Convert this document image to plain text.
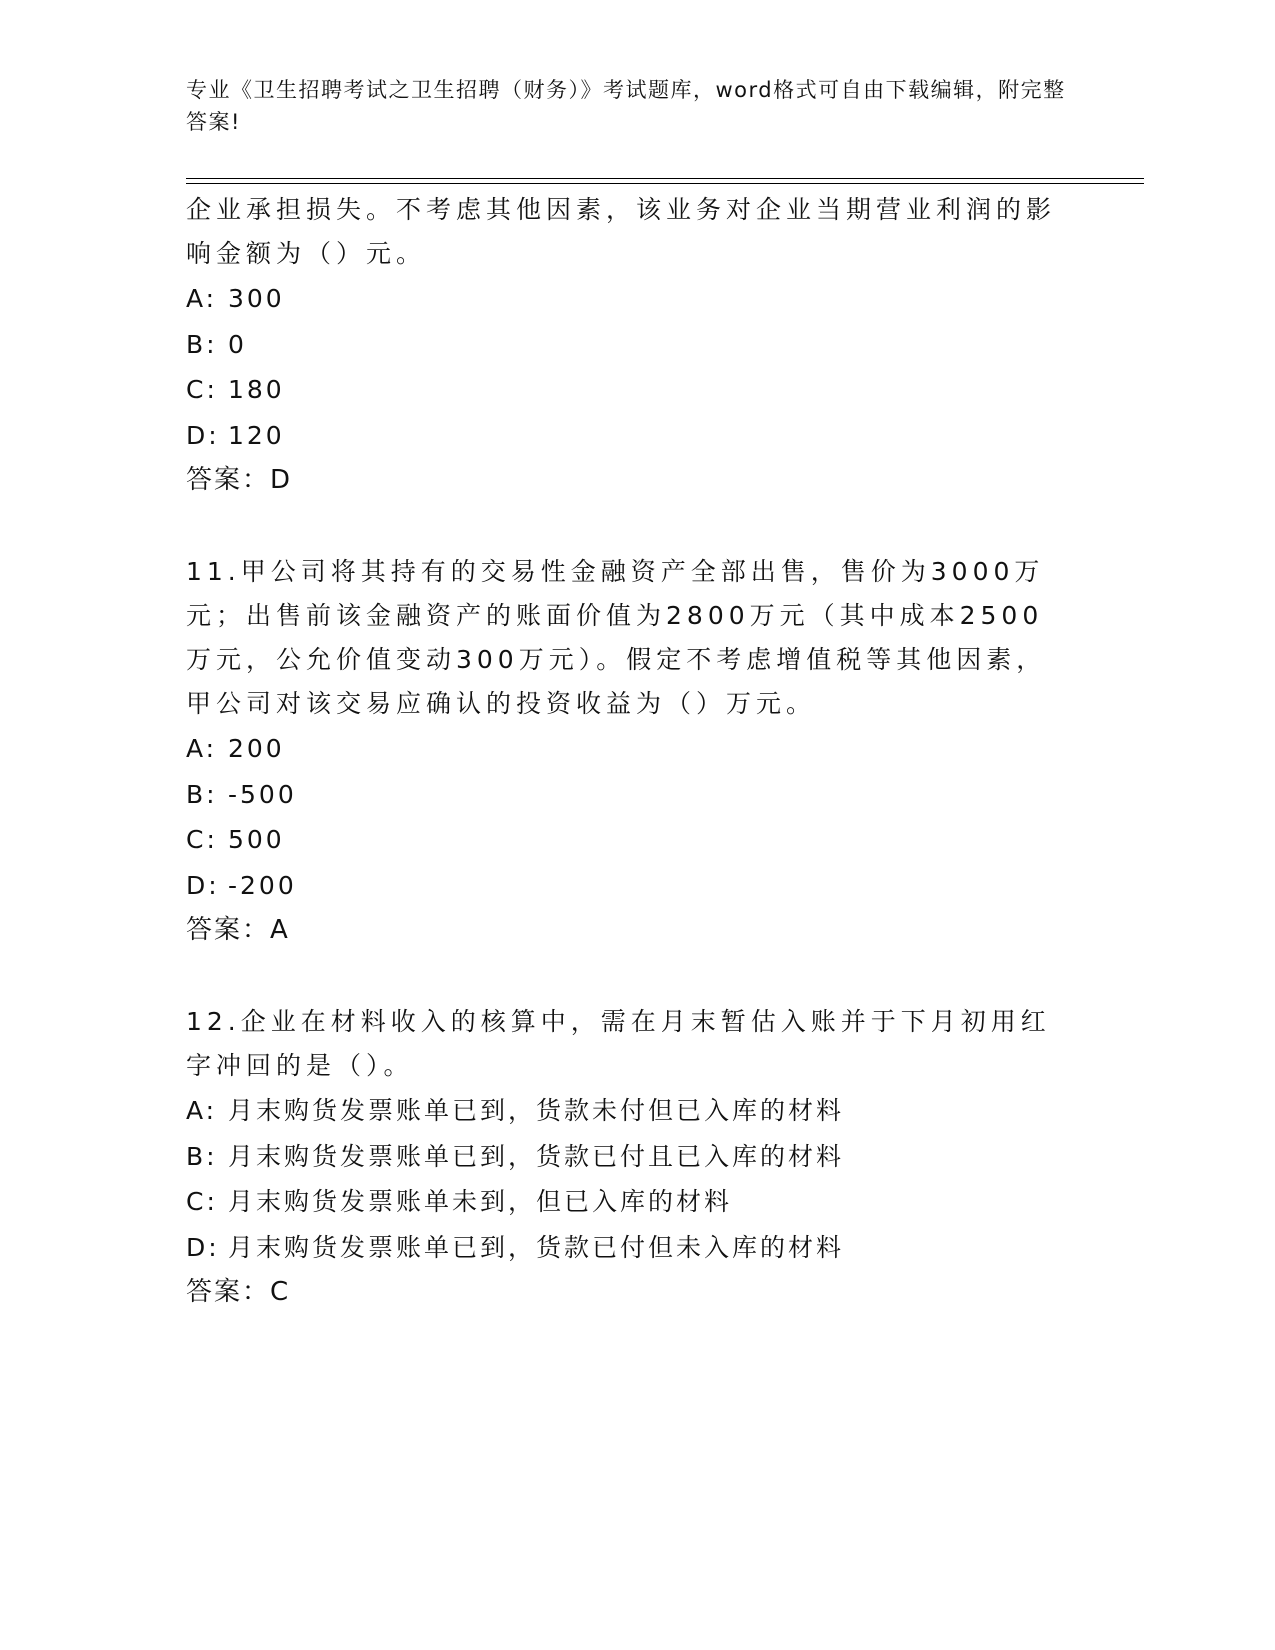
专业《卫生招聘考试之卫生招聘（财务）》考试题库，word格式可自由下载编辑，附完整答案!

企业承担损失。不考虑其他因素，该业务对企业当期营业利润的影响金额为（）元。

A: 300

B: 0

C: 180

D: 120

答案：D

11.甲公司将其持有的交易性金融资产全部出售，售价为3000万元；出售前该金融资产的账面价值为2800万元（其中成本2500万元，公允价值变动300万元）。假定不考虑增值税等其他因素，甲公司对该交易应确认的投资收益为（）万元。

A: 200

B: -500

C: 500

D: -200

答案：A

12.企业在材料收入的核算中，需在月末暂估入账并于下月初用红字冲回的是（）。

A: 月末购货发票账单已到，货款未付但已入库的材料

B: 月末购货发票账单已到，货款已付且已入库的材料

C: 月末购货发票账单未到，但已入库的材料

D: 月末购货发票账单已到，货款已付但未入库的材料

答案：C
